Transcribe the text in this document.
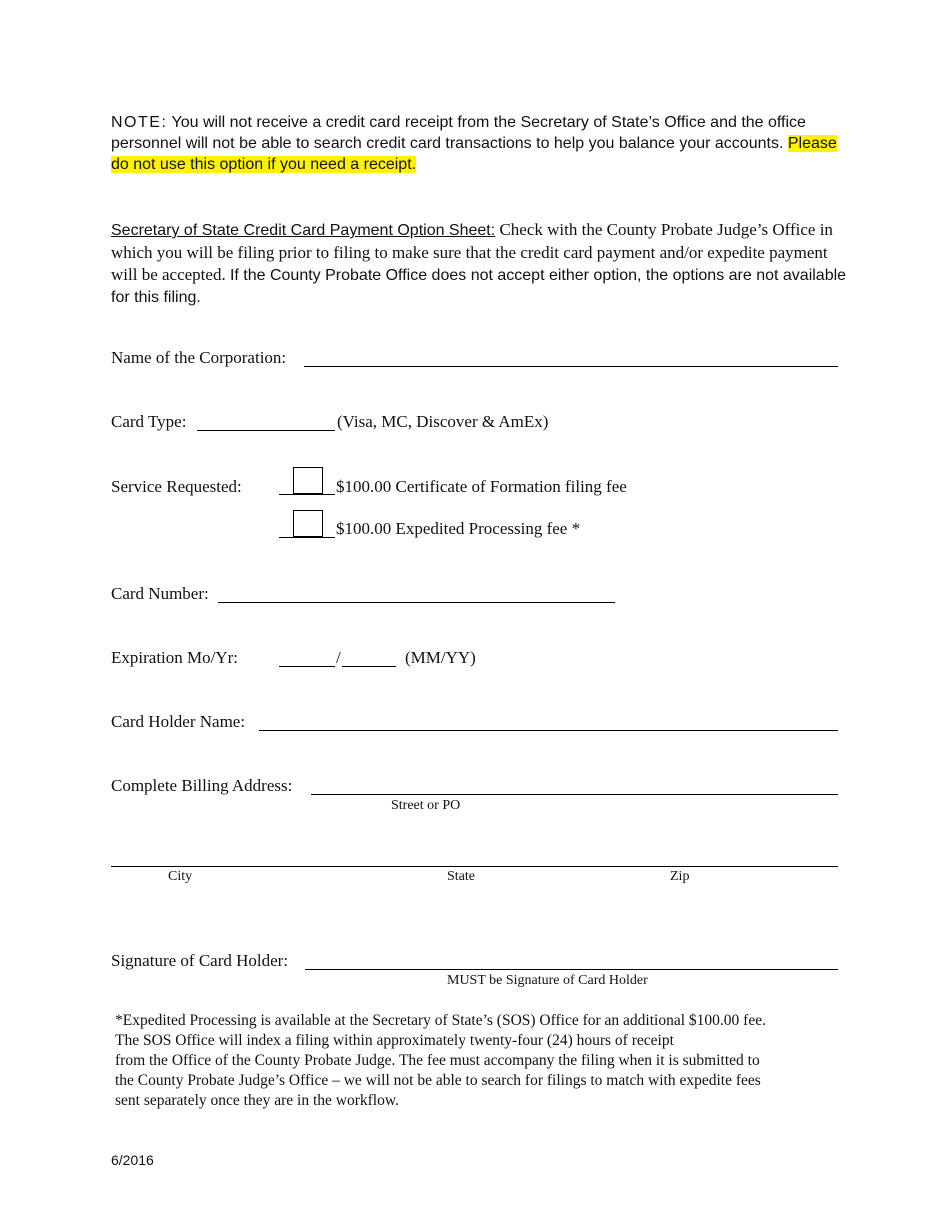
NOTE: You will not receive a credit card receipt from the Secretary of State’s Office and the office personnel will not be able to search credit card transactions to help you balance your accounts. Please do not use this option if you need a receipt.
Secretary of State Credit Card Payment Option Sheet: Check with the County Probate Judge’s Office in which you will be filing prior to filing to make sure that the credit card payment and/or expedite payment will be accepted. If the County Probate Office does not accept either option, the options are not available for this filing.
Name of the Corporation:
Card Type:	(Visa, MC, Discover & AmEx)
Service Requested:	$100.00 Certificate of Formation filing fee
$100.00 Expedited Processing fee *
Card Number:
Expiration Mo/Yr:	/	(MM/YY)
Card Holder Name:
Complete Billing Address:
Street or PO
City	State	Zip
Signature of Card Holder:
MUST be Signature of Card Holder
*Expedited Processing is available at the Secretary of State’s (SOS) Office for an additional $100.00 fee.
The SOS Office will index a filing within approximately twenty-four (24) hours of receipt
from the Office of the County Probate Judge. The fee must accompany the filing when it is submitted to
the County Probate Judge’s Office – we will not be able to search for filings to match with expedite fees
sent separately once they are in the workflow.
6/2016
